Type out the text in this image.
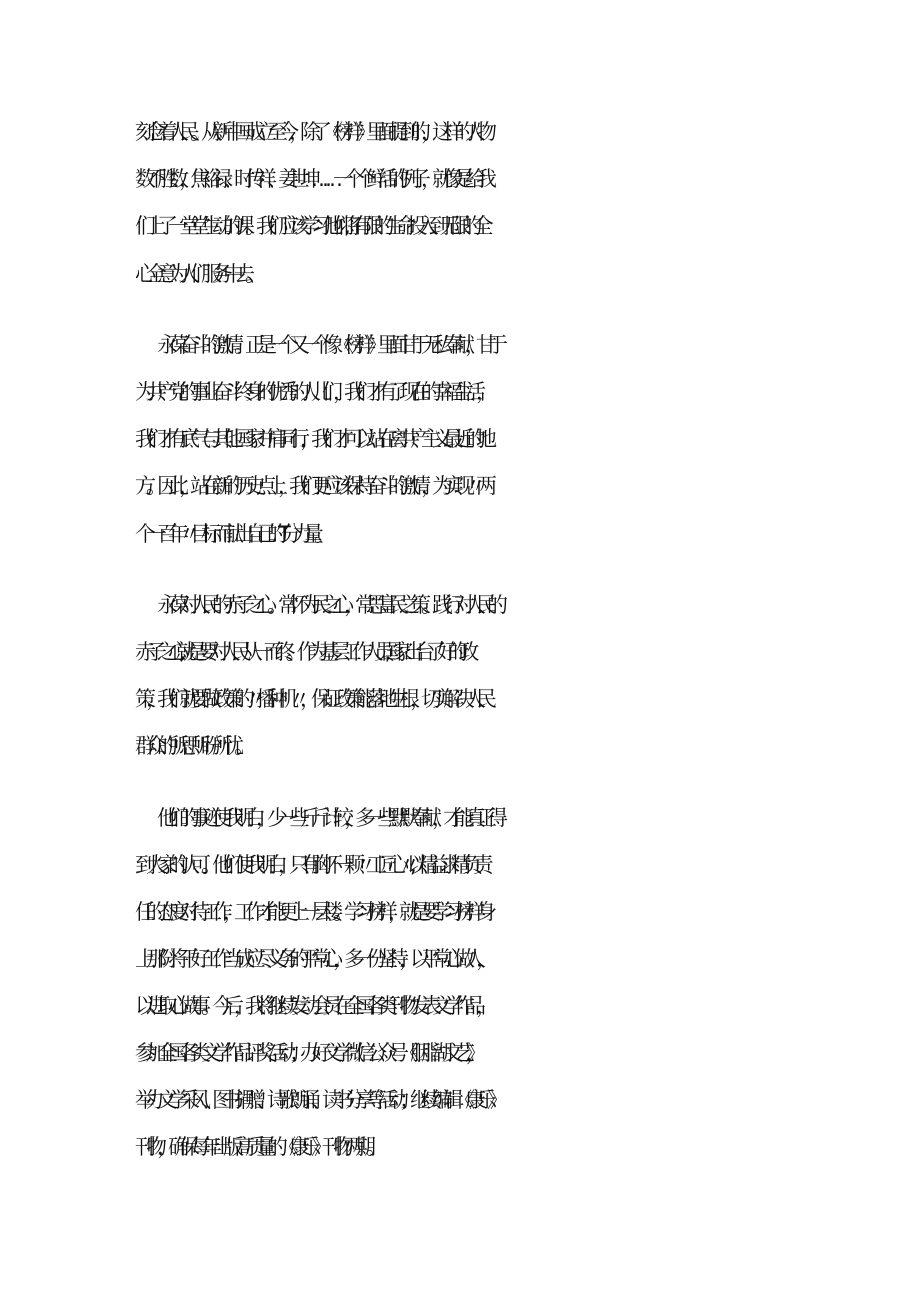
刻念着人民。从新中国成立至今，除了《榜样》里面提到的，这样的人物
数不胜数，焦裕禄、时传祥、姜世坤……一个个鲜活的例子，就像是给我
们上了一堂堂生动的课。我们应该学习他们,将有限的生命投入到无限的全
心全意为人们服务中去。
永葆奋斗的激情。正是一个又一个像《榜样》里面甘于无私奉献，甘于
为共产党的事业奋斗终身的优秀的人儿们，我们才有了现在的幸福生活，
我们才有底气与其他国家并肩同行，我们才可以站在离共产主义最近的地
方。因此，站在新的历史点上，我们更应该保持奋斗的激情，为实现〃两
个一百年〃目标而献出自己的T分力量。
永葆对人民的赤子之心。常怀为民之心，常思富民之策。践行对人民的
赤子之心,就是要对人民从一而终。作为基层工作人员,国家出台了好的政
策，我们就要做政策的〃播种机〃，保证政策能落地生根，切实解决人民
群众的所思所盼所忧。
他们的事迹使我明白，少一些斤斤计较，多一些默默奉献，才能真正得
到大家的认可。他们使我明白，只有胸怀一颗〃工匠心〃,以精益求精负责
任的态度对待工作，工作才能更上一层楼。学习榜样，就是要学习榜样身
上那份将干好工作当成应尽义务的平常心，多一份坚持，以平常心做人，
以进取心做事。今后，我将继续发动会员在全国各类刊物发表文学作品，
参加全国各类文学作品评奖活动；办好文学微信公众号《胭脂湖文艺》，
举办文学采风、图书捐赠、诗歌朗诵、读书分享等活动；继续编辑《康乐》
刊物，确保每年出版高质量的《康乐》刊物两期。
